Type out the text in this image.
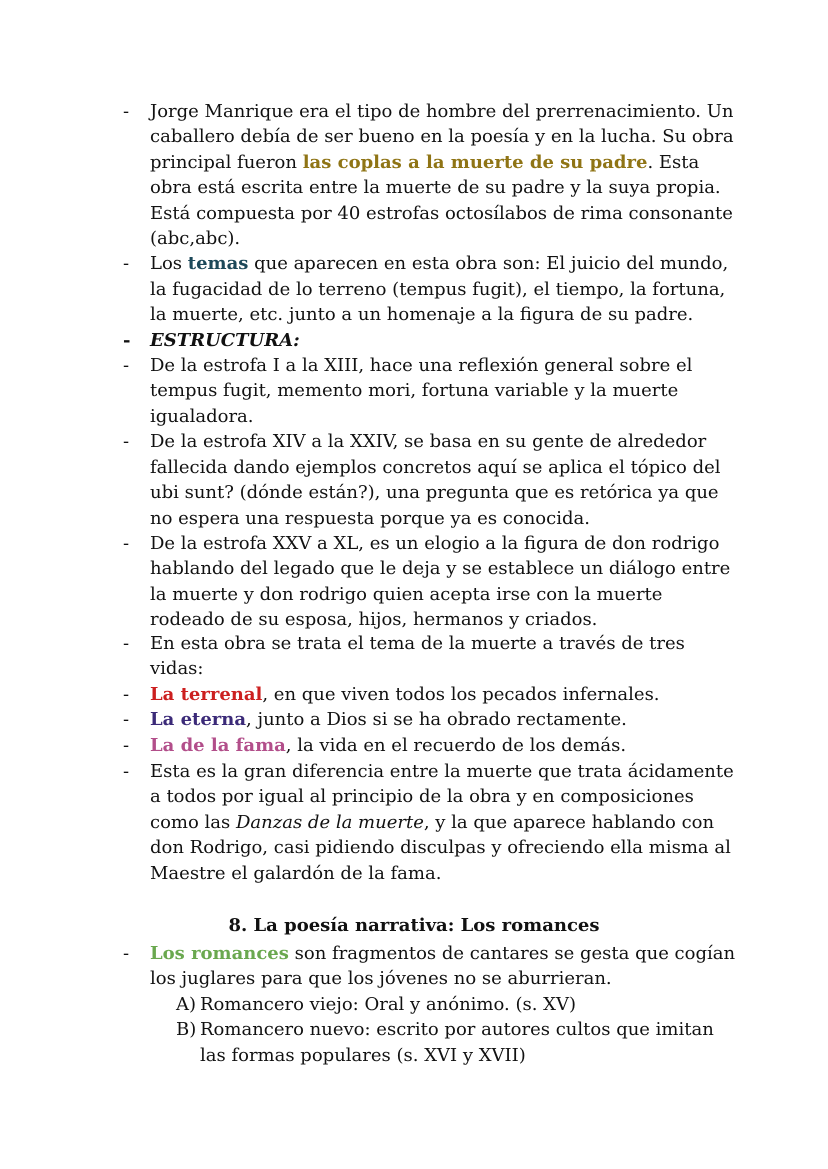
- Jorge Manrique era el tipo de hombre del prerrenacimiento. Un caballero debía de ser bueno en la poesía y en la lucha. Su obra principal fueron las coplas a la muerte de su padre. Esta obra está escrita entre la muerte de su padre y la suya propia. Está compuesta por 40 estrofas octosílabos de rima consonante (abc,abc).
- Los temas que aparecen en esta obra son: El juicio del mundo, la fugacidad de lo terreno (tempus fugit), el tiempo, la fortuna, la muerte, etc. junto a un homenaje a la figura de su padre.
- ESTRUCTURA:
- De la estrofa I a la XIII, hace una reflexión general sobre el tempus fugit, memento mori, fortuna variable y la muerte igualadora.
- De la estrofa XIV a la XXIV, se basa en su gente de alrededor fallecida dando ejemplos concretos aquí se aplica el tópico del ubi sunt? (dónde están?), una pregunta que es retórica ya que no espera una respuesta porque ya es conocida.
- De la estrofa XXV a XL, es un elogio a la figura de don rodrigo hablando del legado que le deja y se establece un diálogo entre la muerte y don rodrigo quien acepta irse con la muerte rodeado de su esposa, hijos, hermanos y criados.
- En esta obra se trata el tema de la muerte a través de tres vidas:
- La terrenal, en que viven todos los pecados infernales.
- La eterna, junto a Dios si se ha obrado rectamente.
- La de la fama, la vida en el recuerdo de los demás.
- Esta es la gran diferencia entre la muerte que trata ácidamente a todos por igual al principio de la obra y en composiciones como las Danzas de la muerte, y la que aparece hablando con don Rodrigo, casi pidiendo disculpas y ofreciendo ella misma al Maestre el galardón de la fama.
8. La poesía narrativa: Los romances
- Los romances son fragmentos de cantares se gesta que cogían los juglares para que los jóvenes no se aburrieran.
A) Romancero viejo: Oral y anónimo. (s. XV)
B) Romancero nuevo: escrito por autores cultos que imitan las formas populares (s. XVI y XVII)
